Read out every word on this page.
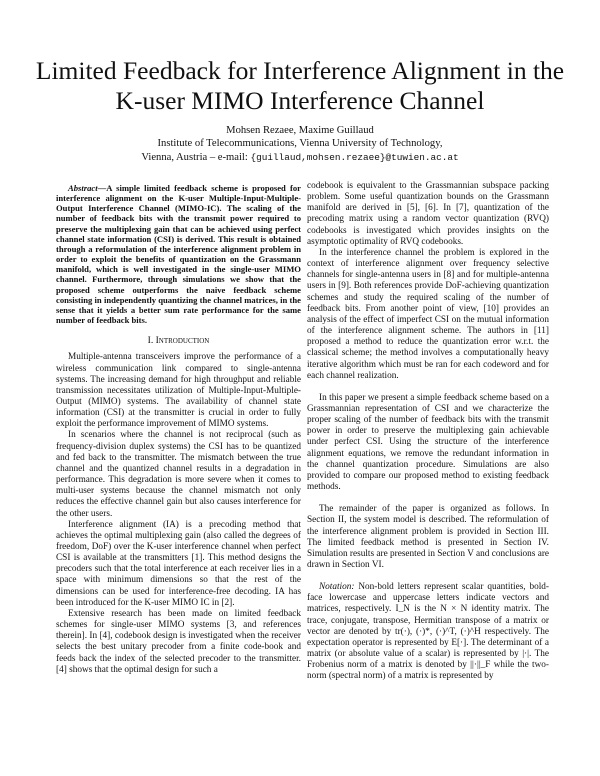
Limited Feedback for Interference Alignment in the
K-user MIMO Interference Channel
Mohsen Rezaee, Maxime Guillaud
Institute of Telecommunications, Vienna University of Technology,
Vienna, Austria – e-mail: {guillaud,mohsen.rezaee}@tuwien.ac.at

Abstract—A simple limited feedback scheme is proposed for interference alignment on the K-user Multiple-Input-Multiple-Output Interference Channel (MIMO-IC). The scaling of the number of feedback bits with the transmit power required to preserve the multiplexing gain that can be achieved using perfect channel state information (CSI) is derived. This result is obtained through a reformulation of the interference alignment problem in order to exploit the benefits of quantization on the Grassmann manifold, which is well investigated in the single-user MIMO channel. Furthermore, through simulations we show that the proposed scheme outperforms the naive feedback scheme consisting in independently quantizing the channel matrices, in the sense that it yields a better sum rate performance for the same number of feedback bits.

I. Introduction

Multiple-antenna transceivers improve the performance of a wireless communication link compared to single-antenna systems. The increasing demand for high throughput and reliable transmission necessitates utilization of Multiple-Input-Multiple-Output (MIMO) systems. The availability of channel state information (CSI) at the transmitter is crucial in order to fully exploit the performance improvement of MIMO systems.

In scenarios where the channel is not reciprocal (such as frequency-division duplex systems) the CSI has to be quantized and fed back to the transmitter. The mismatch between the true channel and the quantized channel results in a degradation in performance. This degradation is more severe when it comes to multi-user systems because the channel mismatch not only reduces the effective channel gain but also causes interference for the other users.

Interference alignment (IA) is a precoding method that achieves the optimal multiplexing gain (also called the degrees of freedom, DoF) over the K-user interference channel when perfect CSI is available at the transmitters [1]. This method designs the precoders such that the total interference at each receiver lies in a space with minimum dimensions so that the rest of the dimensions can be used for interference-free decoding. IA has been introduced for the K-user MIMO IC in [2].

Extensive research has been made on limited feedback schemes for single-user MIMO systems [3, and references therein]. In [4], codebook design is investigated when the receiver selects the best unitary precoder from a finite code-book and feeds back the index of the selected precoder to the transmitter. [4] shows that the optimal design for such a

codebook is equivalent to the Grassmannian subspace packing problem. Some useful quantization bounds on the Grassmann manifold are derived in [5], [6]. In [7], quantization of the precoding matrix using a random vector quantization (RVQ) codebooks is investigated which provides insights on the asymptotic optimality of RVQ codebooks.

In the interference channel the problem is explored in the context of interference alignment over frequency selective channels for single-antenna users in [8] and for multiple-antenna users in [9]. Both references provide DoF-achieving quantization schemes and study the required scaling of the number of feedback bits. From another point of view, [10] provides an analysis of the effect of imperfect CSI on the mutual information of the interference alignment scheme. The authors in [11] proposed a method to reduce the quantization error w.r.t. the classical scheme; the method involves a computationally heavy iterative algorithm which must be ran for each codeword and for each channel realization.

In this paper we present a simple feedback scheme based on a Grassmannian representation of CSI and we characterize the proper scaling of the number of feedback bits with the transmit power in order to preserve the multiplexing gain achievable under perfect CSI. Using the structure of the interference alignment equations, we remove the redundant information in the channel quantization procedure. Simulations are also provided to compare our proposed method to existing feedback methods.

The remainder of the paper is organized as follows. In Section II, the system model is described. The reformulation of the interference alignment problem is provided in Section III. The limited feedback method is presented in Section IV. Simulation results are presented in Section V and conclusions are drawn in Section VI.

Notation: Non-bold letters represent scalar quantities, bold-face lowercase and uppercase letters indicate vectors and matrices, respectively. I_N is the N × N identity matrix. The trace, conjugate, transpose, Hermitian transpose of a matrix or vector are denoted by tr(·), (·)*, (·)^T, (·)^H respectively. The expectation operator is represented by E[·]. The determinant of a matrix (or absolute value of a scalar) is represented by |·|. The Frobenius norm of a matrix is denoted by ||·||_F while the two-norm (spectral norm) of a matrix is represented by
